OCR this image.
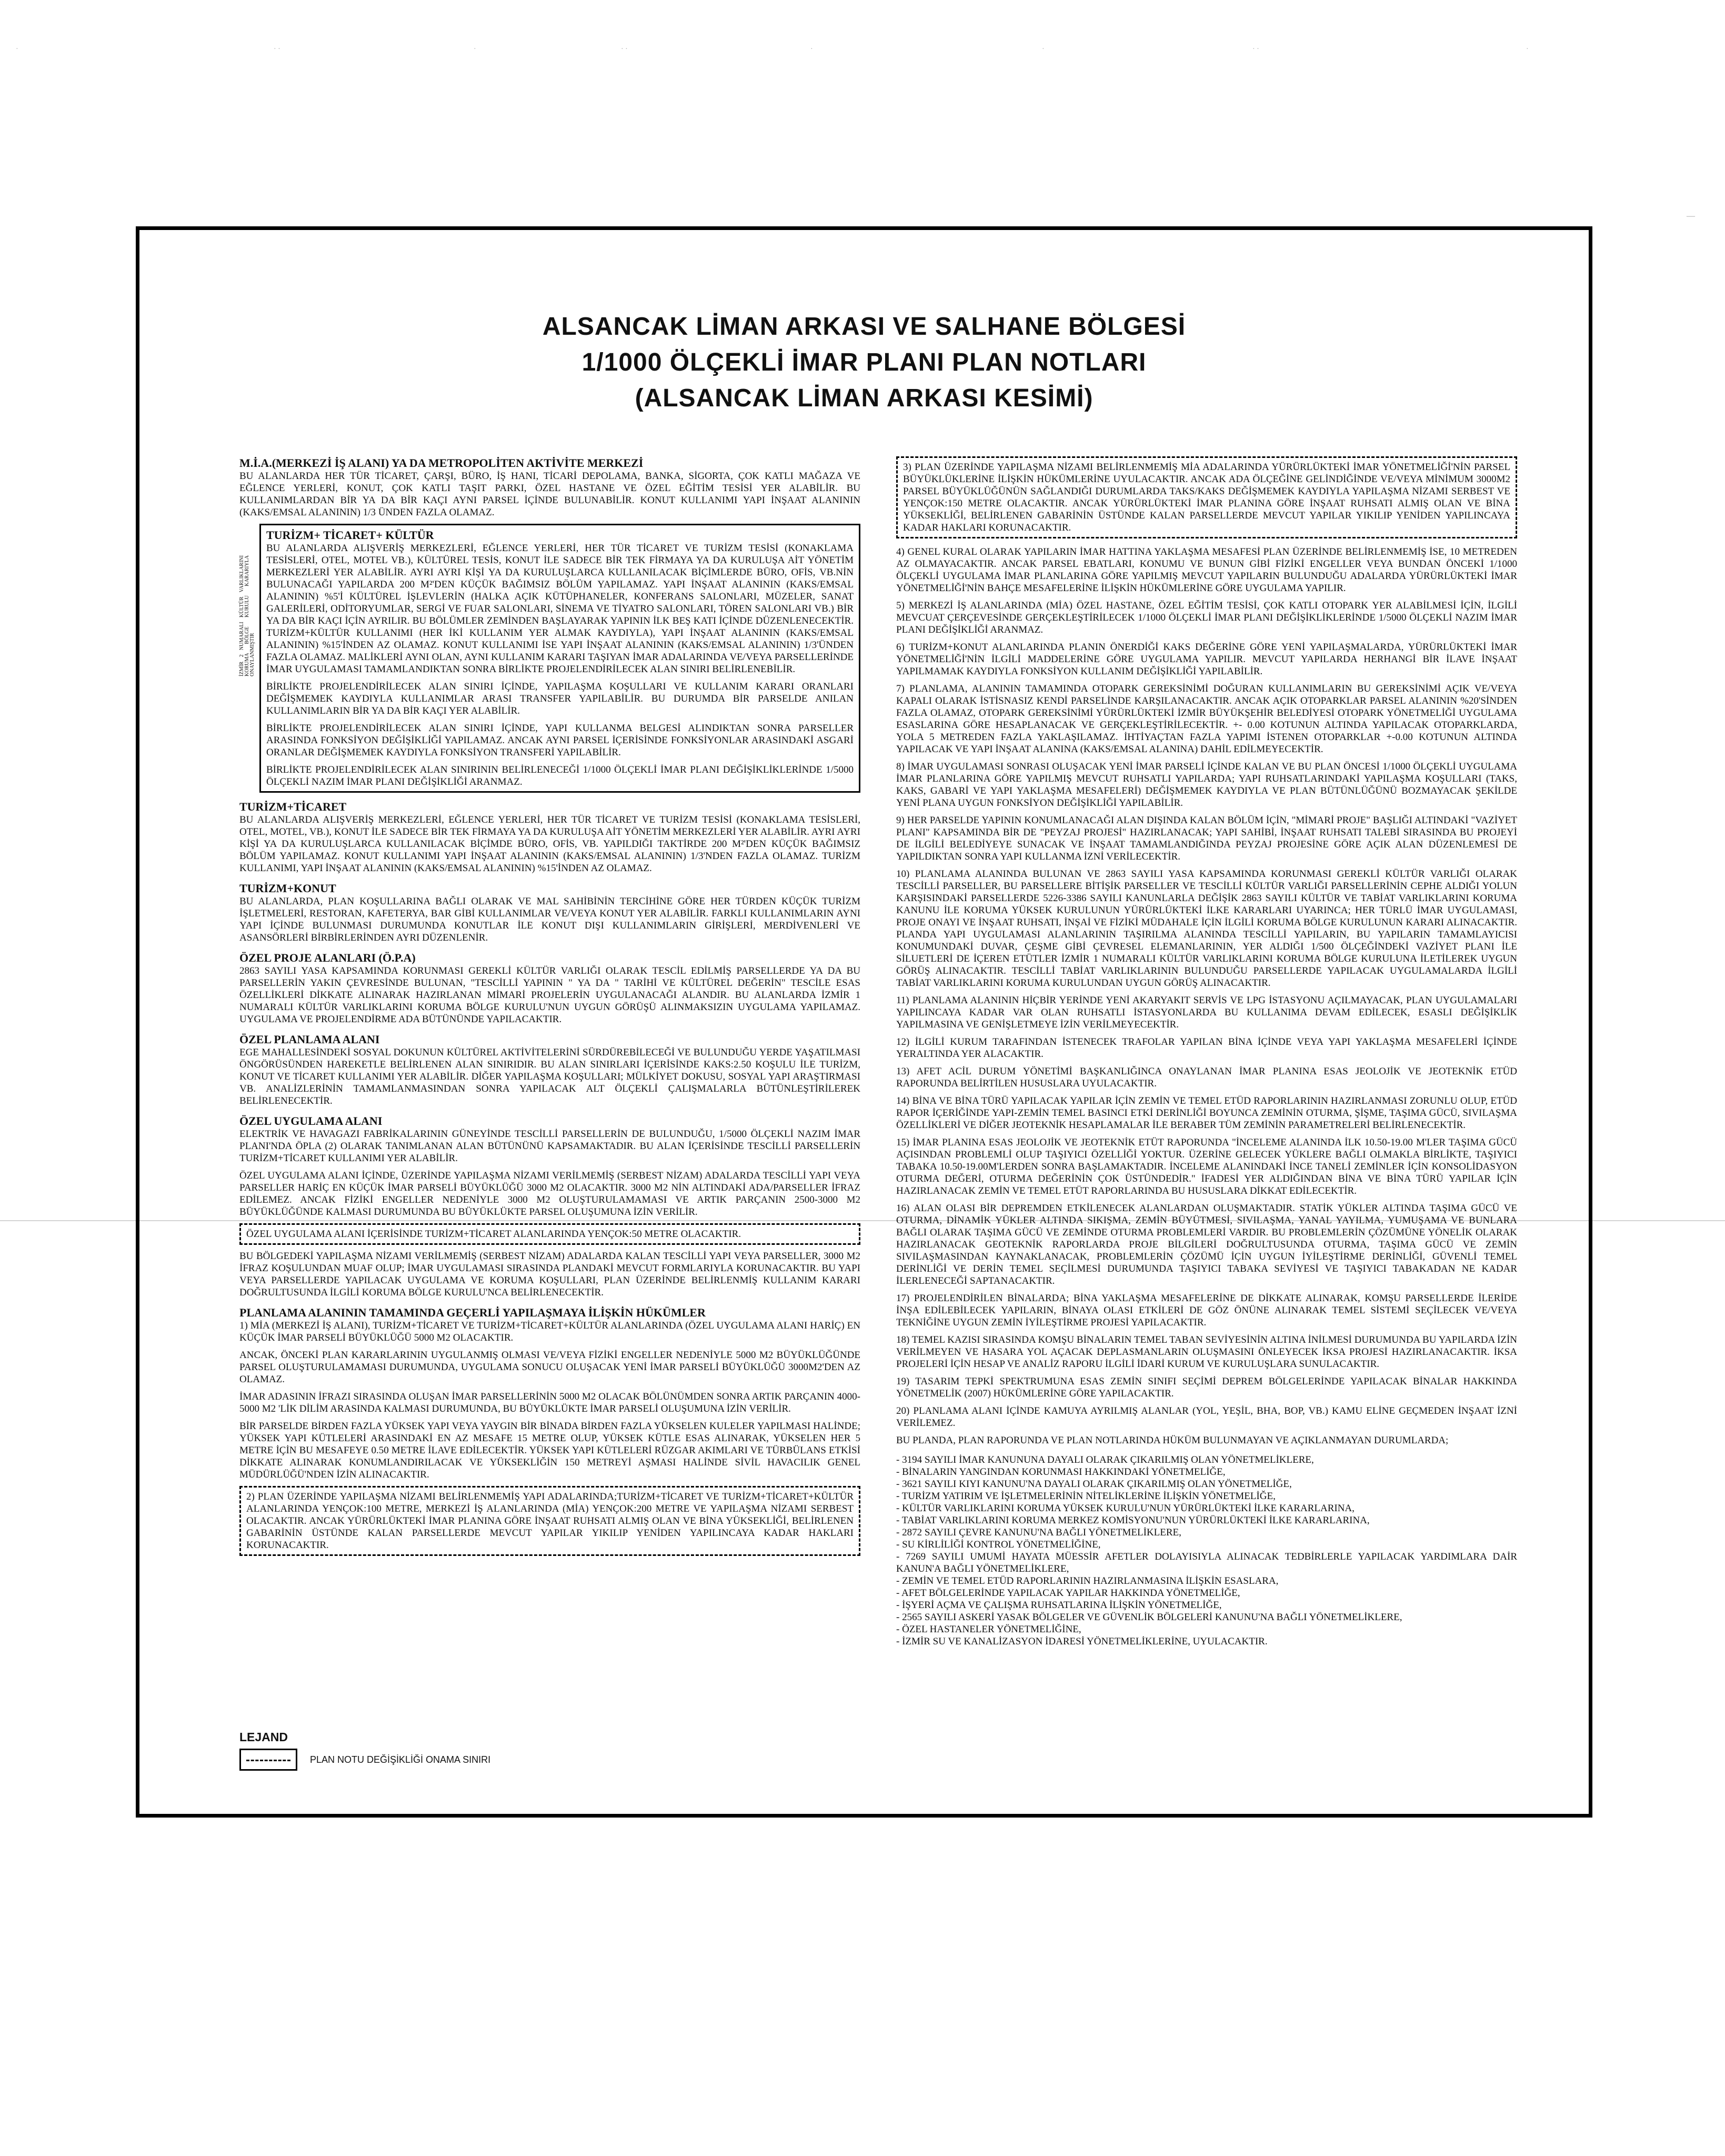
·	· ·	·	· ·	·	·	· ·	·
—
ALSANCAK LİMAN ARKASI VE SALHANE BÖLGESİ
1/1000 ÖLÇEKLİ İMAR PLANI PLAN NOTLARI
(ALSANCAK LİMAN ARKASI KESİMİ)
M.İ.A.(MERKEZİ İŞ ALANI) YA DA METROPOLİTEN AKTİVİTE MERKEZİ

BU ALANLARDA HER TÜR TİCARET, ÇARŞI, BÜRO, İŞ HANI, TİCARİ DEPOLAMA, BANKA, SİGORTA, ÇOK KATLI MAĞAZA VE EĞLENCE YERLERİ, KONUT, ÇOK KATLI TAŞIT PARKI, ÖZEL HASTANE VE ÖZEL EĞİTİM TESİSİ YER ALABİLİR. BU KULLANIMLARDAN BİR YA DA BİR KAÇI AYNI PARSEL İÇİNDE BULUNABİLİR. KONUT KULLANIMI YAPI İNŞAAT ALANININ (KAKS/EMSAL ALANININ) 1/3 ÜNDEN FAZLA OLAMAZ.

İZMİR 2 NUMARALI KÜLTÜR VARLIKLARINI KORUMA BÖLGE KURULU KARARIYLA ONAYLANMIŞTIR
TURİZM+ TİCARET+ KÜLTÜR

BU ALANLARDA ALIŞVERİŞ MERKEZLERİ, EĞLENCE YERLERİ, HER TÜR TİCARET VE TURİZM TESİSİ (KONAKLAMA TESİSLERİ, OTEL, MOTEL VB.), KÜLTÜREL TESİS, KONUT İLE SADECE BİR TEK FİRMAYA YA DA KURULUŞA AİT YÖNETİM MERKEZLERİ YER ALABİLİR. AYRI AYRI KİŞİ YA DA KURULUŞLARCA KULLANILACAK BİÇİMLERDE BÜRO, OFİS, VB.NİN BULUNACAĞI YAPILARDA 200 M²'DEN KÜÇÜK BAĞIMSIZ BÖLÜM YAPILAMAZ. YAPI İNŞAAT ALANININ (KAKS/EMSAL ALANININ) %5'İ KÜLTÜREL İŞLEVLERİN (HALKA AÇIK KÜTÜPHANELER, KONFERANS SALONLARI, MÜZELER, SANAT GALERİLERİ, ODİTORYUMLAR, SERGİ VE FUAR SALONLARI, SİNEMA VE TİYATRO SALONLARI, TÖREN SALONLARI VB.) BİR YA DA BİR KAÇI İÇİN AYRILIR. BU BÖLÜMLER ZEMİNDEN BAŞLAYARAK YAPININ İLK BEŞ KATI İÇİNDE DÜZENLENECEKTİR. TURİZM+KÜLTÜR KULLANIMI (HER İKİ KULLANIM YER ALMAK KAYDIYLA), YAPI İNŞAAT ALANININ (KAKS/EMSAL ALANININ) %15'İNDEN AZ OLAMAZ. KONUT KULLANIMI İSE YAPI İNŞAAT ALANININ (KAKS/EMSAL ALANININ) 1/3'ÜNDEN FAZLA OLAMAZ. MALİKLERİ AYNI OLAN, AYNI KULLANIM KARARI TAŞIYAN İMAR ADALARINDA VE/VEYA PARSELLERİNDE İMAR UYGULAMASI TAMAMLANDIKTAN SONRA BİRLİKTE PROJELENDİRİLECEK ALAN SINIRI BELİRLENEBİLİR.

BİRLİKTE PROJELENDİRİLECEK ALAN SINIRI İÇİNDE, YAPILAŞMA KOŞULLARI VE KULLANIM KARARI ORANLARI DEĞİŞMEMEK KAYDIYLA KULLANIMLAR ARASI TRANSFER YAPILABİLİR. BU DURUMDA BİR PARSELDE ANILAN KULLANIMLARIN BİR YA DA BİR KAÇI YER ALABİLİR.

BİRLİKTE PROJELENDİRİLECEK ALAN SINIRI İÇİNDE, YAPI KULLANMA BELGESİ ALINDIKTAN SONRA PARSELLER ARASINDA FONKSİYON DEĞİŞİKLİĞİ YAPILAMAZ. ANCAK AYNI PARSEL İÇERİSİNDE FONKSİYONLAR ARASINDAKİ ASGARİ ORANLAR DEĞİŞMEMEK KAYDIYLA FONKSİYON TRANSFERİ YAPILABİLİR.

BİRLİKTE PROJELENDİRİLECEK ALAN SINIRININ BELİRLENECEĞİ 1/1000 ÖLÇEKLİ İMAR PLANI DEĞİŞİKLİKLERİNDE 1/5000 ÖLÇEKLİ NAZIM İMAR PLANI DEĞİŞİKLİĞİ ARANMAZ.

TURİZM+TİCARET

BU ALANLARDA ALIŞVERİŞ MERKEZLERİ, EĞLENCE YERLERİ, HER TÜR TİCARET VE TURİZM TESİSİ (KONAKLAMA TESİSLERİ, OTEL, MOTEL, VB.), KONUT İLE SADECE BİR TEK FİRMAYA YA DA KURULUŞA AİT YÖNETİM MERKEZLERİ YER ALABİLİR. AYRI AYRI KİŞİ YA DA KURULUŞLARCA KULLANILACAK BİÇİMDE BÜRO, OFİS, VB. YAPILDIĞI TAKTİRDE 200 M²'DEN KÜÇÜK BAĞIMSIZ BÖLÜM YAPILAMAZ. KONUT KULLANIMI YAPI İNŞAAT ALANININ (KAKS/EMSAL ALANININ) 1/3'NDEN FAZLA OLAMAZ. TURİZM KULLANIMI, YAPI İNŞAAT ALANININ (KAKS/EMSAL ALANININ) %15'İNDEN AZ OLAMAZ.

TURİZM+KONUT

BU ALANLARDA, PLAN KOŞULLARINA BAĞLI OLARAK VE MAL SAHİBİNİN TERCİHİNE GÖRE HER TÜRDEN KÜÇÜK TURİZM İŞLETMELERİ, RESTORAN, KAFETERYA, BAR GİBİ KULLANIMLAR VE/VEYA KONUT YER ALABİLİR. FARKLI KULLANIMLARIN AYNI YAPI İÇİNDE BULUNMASI DURUMUNDA KONUTLAR İLE KONUT DIŞI KULLANIMLARIN GİRİŞLERİ, MERDİVENLERİ VE ASANSÖRLERİ BİRBİRLERİNDEN AYRI DÜZENLENİR.

ÖZEL PROJE ALANLARI (Ö.P.A)

2863 SAYILI YASA KAPSAMINDA KORUNMASI GEREKLİ KÜLTÜR VARLIĞI OLARAK TESCİL EDİLMİŞ PARSELLERDE YA DA BU PARSELLERİN YAKIN ÇEVRESİNDE BULUNAN, "TESCİLLİ YAPININ " YA DA " TARİHİ VE KÜLTÜREL DEĞERİN" TESCİLE ESAS ÖZELLİKLERİ DİKKATE ALINARAK HAZIRLANAN MİMARİ PROJELERİN UYGULANACAĞI ALANDIR. BU ALANLARDA İZMİR 1 NUMARALI KÜLTÜR VARLIKLARINI KORUMA BÖLGE KURULU'NUN UYGUN GÖRÜŞÜ ALINMAKSIZIN UYGULAMA YAPILAMAZ. UYGULAMA VE PROJELENDİRME ADA BÜTÜNÜNDE YAPILACAKTIR.

ÖZEL PLANLAMA ALANI

EGE MAHALLESİNDEKİ SOSYAL DOKUNUN KÜLTÜREL AKTİVİTELERİNİ SÜRDÜREBİLECEĞİ VE BULUNDUĞU YERDE YAŞATILMASI ÖNGÖRÜSÜNDEN HAREKETLE BELİRLENEN ALAN SINIRIDIR. BU ALAN SINIRLARI İÇERİSİNDE KAKS:2.50 KOŞULU İLE TURİZM, KONUT VE TİCARET KULLANIMI YER ALABİLİR. DİĞER YAPILAŞMA KOŞULLARI; MÜLKİYET DOKUSU, SOSYAL YAPI ARAŞTIRMASI VB. ANALİZLERİNİN TAMAMLANMASINDAN SONRA YAPILACAK ALT ÖLÇEKLİ ÇALIŞMALARLA BÜTÜNLEŞTİRİLEREK BELİRLENECEKTİR.

ÖZEL UYGULAMA ALANI

ELEKTRİK VE HAVAGAZI FABRİKALARININ GÜNEYİNDE TESCİLLİ PARSELLERİN DE BULUNDUĞU, 1/5000 ÖLÇEKLİ NAZIM İMAR PLANI'NDA ÖPLA (2) OLARAK TANIMLANAN ALAN BÜTÜNÜNÜ KAPSAMAKTADIR. BU ALAN İÇERİSİNDE TESCİLLİ PARSELLERİN TURİZM+TİCARET KULLANIMI YER ALABİLİR.

ÖZEL UYGULAMA ALANI İÇİNDE, ÜZERİNDE YAPILAŞMA NİZAMI VERİLMEMİŞ (SERBEST NİZAM) ADALARDA TESCİLLİ YAPI VEYA PARSELLER HARİÇ EN KÜÇÜK İMAR PARSELİ BÜYÜKLÜĞÜ 3000 M2 OLACAKTIR. 3000 M2 NİN ALTINDAKİ ADA/PARSELLER İFRAZ EDİLEMEZ. ANCAK FİZİKİ ENGELLER NEDENİYLE 3000 M2 OLUŞTURULAMAMASI VE ARTIK PARÇANIN 2500-3000 M2 BÜYÜKLÜĞÜNDE KALMASI DURUMUNDA BU BÜYÜKLÜKTE PARSEL OLUŞUMUNA İZİN VERİLİR.

ÖZEL UYGULAMA ALANI İÇERİSİNDE TURİZM+TİCARET ALANLARINDA YENÇOK:50 METRE OLACAKTIR.

BU BÖLGEDEKİ YAPILAŞMA NİZAMI VERİLMEMİŞ (SERBEST NİZAM) ADALARDA KALAN TESCİLLİ YAPI VEYA PARSELLER, 3000 M2 İFRAZ KOŞULUNDAN MUAF OLUP; İMAR UYGULAMASI SIRASINDA PLANDAKİ MEVCUT FORMLARIYLA KORUNACAKTIR. BU YAPI VEYA PARSELLERDE YAPILACAK UYGULAMA VE KORUMA KOŞULLARI, PLAN ÜZERİNDE BELİRLENMİŞ KULLANIM KARARI DOĞRULTUSUNDA İLGİLİ KORUMA BÖLGE KURULU'NCA BELİRLENECEKTİR.

PLANLAMA ALANININ TAMAMINDA GEÇERLİ YAPILAŞMAYA İLİŞKİN HÜKÜMLER

1) MİA (MERKEZİ İŞ ALANI), TURİZM+TİCARET VE TURİZM+TİCARET+KÜLTÜR ALANLARINDA (ÖZEL UYGULAMA ALANI HARİÇ) EN KÜÇÜK İMAR PARSELİ BÜYÜKLÜĞÜ 5000 M2 OLACAKTIR.

ANCAK, ÖNCEKİ PLAN KARARLARININ UYGULANMIŞ OLMASI VE/VEYA FİZİKİ ENGELLER NEDENİYLE 5000 M2 BÜYÜKLÜĞÜNDE PARSEL OLUŞTURULAMAMASI DURUMUNDA, UYGULAMA SONUCU OLUŞACAK YENİ İMAR PARSELİ BÜYÜKLÜĞÜ 3000M2'DEN AZ OLAMAZ.

İMAR ADASININ İFRAZI SIRASINDA OLUŞAN İMAR PARSELLERİNİN 5000 M2 OLACAK BÖLÜNÜMDEN SONRA ARTIK PARÇANIN 4000-5000 M2 'LİK DİLİM ARASINDA KALMASI DURUMUNDA, BU BÜYÜKLÜKTE İMAR PARSELİ OLUŞUMUNA İZİN VERİLİR.

BİR PARSELDE BİRDEN FAZLA YÜKSEK YAPI VEYA YAYGIN BİR BİNADA BİRDEN FAZLA YÜKSELEN KULELER YAPILMASI HALİNDE; YÜKSEK YAPI KÜTLELERİ ARASINDAKİ EN AZ MESAFE 15 METRE OLUP, YÜKSEK KÜTLE ESAS ALINARAK, YÜKSELEN HER 5 METRE İÇİN BU MESAFEYE 0.50 METRE İLAVE EDİLECEKTİR. YÜKSEK YAPI KÜTLELERİ RÜZGAR AKIMLARI VE TÜRBÜLANS ETKİSİ DİKKATE ALINARAK KONUMLANDIRILACAK VE YÜKSEKLİĞİN 150 METREYİ AŞMASI HALİNDE SİVİL HAVACILIK GENEL MÜDÜRLÜĞÜ'NDEN İZİN ALINACAKTIR.

2) PLAN ÜZERİNDE YAPILAŞMA NİZAMI BELİRLENMEMİŞ YAPI ADALARINDA;TURİZM+TİCARET VE TURİZM+TİCARET+KÜLTÜR ALANLARINDA YENÇOK:100 METRE, MERKEZİ İŞ ALANLARINDA (MİA) YENÇOK:200 METRE VE YAPILAŞMA NİZAMI SERBEST OLACAKTIR. ANCAK YÜRÜRLÜKTEKİ İMAR PLANINA GÖRE İNŞAAT RUHSATI ALMIŞ OLAN VE BİNA YÜKSEKLİĞİ, BELİRLENEN GABARİNİN ÜSTÜNDE KALAN PARSELLERDE MEVCUT YAPILAR YIKILIP YENİDEN YAPILINCAYA KADAR HAKLARI KORUNACAKTIR.
3) PLAN ÜZERİNDE YAPILAŞMA NİZAMI BELİRLENMEMİŞ MİA ADALARINDA YÜRÜRLÜKTEKİ İMAR YÖNETMELİĞİ'NİN PARSEL BÜYÜKLÜKLERİNE İLİŞKİN HÜKÜMLERİNE UYULACAKTIR. ANCAK ADA ÖLÇEĞİNE GELİNDİĞİNDE VE/VEYA MİNİMUM 3000M2 PARSEL BÜYÜKLÜĞÜNÜN SAĞLANDIĞI DURUMLARDA TAKS/KAKS DEĞİŞMEMEK KAYDIYLA YAPILAŞMA NİZAMI SERBEST VE YENÇOK:150 METRE OLACAKTIR. ANCAK YÜRÜRLÜKTEKİ İMAR PLANINA GÖRE İNŞAAT RUHSATI ALMIŞ OLAN VE BİNA YÜKSEKLİĞİ, BELİRLENEN GABARİNİN ÜSTÜNDE KALAN PARSELLERDE MEVCUT YAPILAR YIKILIP YENİDEN YAPILINCAYA KADAR HAKLARI KORUNACAKTIR.

4) GENEL KURAL OLARAK YAPILARIN İMAR HATTINA YAKLAŞMA MESAFESİ PLAN ÜZERİNDE BELİRLENMEMİŞ İSE, 10 METREDEN AZ OLMAYACAKTIR. ANCAK PARSEL EBATLARI, KONUMU VE BUNUN GİBİ FİZİKİ ENGELLER VEYA BUNDAN ÖNCEKİ 1/1000 ÖLÇEKLİ UYGULAMA İMAR PLANLARINA GÖRE YAPILMIŞ MEVCUT YAPILARIN BULUNDUĞU ADALARDA YÜRÜRLÜKTEKİ İMAR YÖNETMELİĞİ'NİN BAHÇE MESAFELERİNE İLİŞKİN HÜKÜMLERİNE GÖRE UYGULAMA YAPILIR.

5) MERKEZİ İŞ ALANLARINDA (MİA) ÖZEL HASTANE, ÖZEL EĞİTİM TESİSİ, ÇOK KATLI OTOPARK YER ALABİLMESİ İÇİN, İLGİLİ MEVCUAT ÇERÇEVESİNDE GERÇEKLEŞTİRİLECEK 1/1000 ÖLÇEKLİ İMAR PLANI DEĞİŞİKLİKLERİNDE 1/5000 ÖLÇEKLİ NAZIM İMAR PLANI DEĞİŞİKLİĞİ ARANMAZ.

6) TURİZM+KONUT ALANLARINDA PLANIN ÖNERDİĞİ KAKS DEĞERİNE GÖRE YENİ YAPILAŞMALARDA, YÜRÜRLÜKTEKİ İMAR YÖNETMELİĞİ'NİN İLGİLİ MADDELERİNE GÖRE UYGULAMA YAPILIR. MEVCUT YAPILARDA HERHANGİ BİR İLAVE İNŞAAT YAPILMAMAK KAYDIYLA FONKSİYON KULLANIM DEĞİŞİKLİĞİ YAPILABİLİR.

7) PLANLAMA, ALANININ TAMAMINDA OTOPARK GEREKSİNİMİ DOĞURAN KULLANIMLARIN BU GEREKSİNİMİ AÇIK VE/VEYA KAPALI OLARAK İSTİSNASIZ KENDİ PARSELİNDE KARŞILANACAKTIR. ANCAK AÇIK OTOPARKLAR PARSEL ALANININ %20'SİNDEN FAZLA OLAMAZ, OTOPARK GEREKSİNİMİ YÜRÜRLÜKTEKİ İZMİR BÜYÜKŞEHİR BELEDİYESİ OTOPARK YÖNETMELİĞİ UYGULAMA ESASLARINA GÖRE HESAPLANACAK VE GERÇEKLEŞTİRİLECEKTİR. +- 0.00 KOTUNUN ALTINDA YAPILACAK OTOPARKLARDA, YOLA 5 METREDEN FAZLA YAKLAŞILAMAZ. İHTİYAÇTAN FAZLA YAPIMI İSTENEN OTOPARKLAR +-0.00 KOTUNUN ALTINDA YAPILACAK VE YAPI İNŞAAT ALANINA (KAKS/EMSAL ALANINA) DAHİL EDİLMEYECEKTİR.

8) İMAR UYGULAMASI SONRASI OLUŞACAK YENİ İMAR PARSELİ İÇİNDE KALAN VE BU PLAN ÖNCESİ 1/1000 ÖLÇEKLİ UYGULAMA İMAR PLANLARINA GÖRE YAPILMIŞ MEVCUT RUHSATLI YAPILARDA; YAPI RUHSATLARINDAKİ YAPILAŞMA KOŞULLARI (TAKS, KAKS, GABARİ VE YAPI YAKLAŞMA MESAFELERİ) DEĞİŞMEMEK KAYDIYLA VE PLAN BÜTÜNLÜĞÜNÜ BOZMAYACAK ŞEKİLDE YENİ PLANA UYGUN FONKSİYON DEĞİŞİKLİĞİ YAPILABİLİR.

9) HER PARSELDE YAPININ KONUMLANACAĞI ALAN DIŞINDA KALAN BÖLÜM İÇİN, "MİMARİ PROJE" BAŞLIĞI ALTINDAKİ "VAZİYET PLANI" KAPSAMINDA BİR DE "PEYZAJ PROJESİ" HAZIRLANACAK; YAPI SAHİBİ, İNŞAAT RUHSATI TALEBİ SIRASINDA BU PROJEYİ DE İLGİLİ BELEDİYEYE SUNACAK VE İNŞAAT TAMAMLANDIĞINDA PEYZAJ PROJESİNE GÖRE AÇIK ALAN DÜZENLEMESİ DE YAPILDIKTAN SONRA YAPI KULLANMA İZNİ VERİLECEKTİR.

10) PLANLAMA ALANINDA BULUNAN VE 2863 SAYILI YASA KAPSAMINDA KORUNMASI GEREKLİ KÜLTÜR VARLIĞI OLARAK TESCİLLİ PARSELLER, BU PARSELLERE BİTİŞİK PARSELLER VE TESCİLLİ KÜLTÜR VARLIĞI PARSELLERİNİN CEPHE ALDIĞI YOLUN KARŞISINDAKİ PARSELLERDE 5226-3386 SAYILI KANUNLARLA DEĞİŞİK 2863 SAYILI KÜLTÜR VE TABİAT VARLIKLARINI KORUMA KANUNU İLE KORUMA YÜKSEK KURULUNUN YÜRÜRLÜKTEKİ İLKE KARARLARI UYARINCA; HER TÜRLÜ İMAR UYGULAMASI, PROJE ONAYI VE İNŞAAT RUHSATI, İNŞAİ VE FİZİKİ MÜDAHALE İÇİN İLGİLİ KORUMA BÖLGE KURULUNUN KARARI ALINACAKTIR. PLANDA YAPI UYGULAMASI ALANLARININ TAŞIRILMA ALANINDA TESCİLLİ YAPILARIN, BU YAPILARIN TAMAMLAYICISI KONUMUNDAKİ DUVAR, ÇEŞME GİBİ ÇEVRESEL ELEMANLARININ, YER ALDIĞI 1/500 ÖLÇEĞİNDEKİ VAZİYET PLANI İLE SİLUETLERİ DE İÇEREN ETÜTLER İZMİR 1 NUMARALI KÜLTÜR VARLIKLARINI KORUMA BÖLGE KURULUNA İLETİLEREK UYGUN GÖRÜŞ ALINACAKTIR. TESCİLLİ TABİAT VARLIKLARININ BULUNDUĞU PARSELLERDE YAPILACAK UYGULAMALARDA İLGİLİ TABİAT VARLIKLARINI KORUMA KURULUNDAN UYGUN GÖRÜŞ ALINACAKTIR.

11) PLANLAMA ALANININ HİÇBİR YERİNDE YENİ AKARYAKIT SERVİS VE LPG İSTASYONU AÇILMAYACAK, PLAN UYGULAMALARI YAPILINCAYA KADAR VAR OLAN RUHSATLI İSTASYONLARDA BU KULLANIMA DEVAM EDİLECEK, ESASLI DEĞİŞİKLİK YAPILMASINA VE GENİŞLETMEYE İZİN VERİLMEYECEKTİR.

12) İLGİLİ KURUM TARAFINDAN İSTENECEK TRAFOLAR YAPILAN BİNA İÇİNDE VEYA YAPI YAKLAŞMA MESAFELERİ İÇİNDE YERALTINDA YER ALACAKTIR.

13) AFET ACİL DURUM YÖNETİMİ BAŞKANLIĞINCA ONAYLANAN İMAR PLANINA ESAS JEOLOJİK VE JEOTEKNİK ETÜD RAPORUNDA BELİRTİLEN HUSUSLARA UYULACAKTIR.

14) BİNA VE BİNA TÜRÜ YAPILACAK YAPILAR İÇİN ZEMİN VE TEMEL ETÜD RAPORLARININ HAZIRLANMASI ZORUNLU OLUP, ETÜD RAPOR İÇERİĞİNDE YAPI-ZEMİN TEMEL BASINCI ETKİ DERİNLİĞİ BOYUNCA ZEMİNİN OTURMA, ŞİŞME, TAŞIMA GÜCÜ, SIVILAŞMA ÖZELLİKLERİ VE DİĞER JEOTEKNİK HESAPLAMALAR İLE BERABER TÜM ZEMİNİN PARAMETRELERİ BELİRLENECEKTİR.

15) İMAR PLANINA ESAS JEOLOJİK VE JEOTEKNİK ETÜT RAPORUNDA "İNCELEME ALANINDA İLK 10.50-19.00 M'LER TAŞIMA GÜCÜ AÇISINDAN PROBLEMLİ OLUP TAŞIYICI ÖZELLİĞİ YOKTUR. ÜZERİNE GELECEK YÜKLERE BAĞLI OLMAKLA BİRLİKTE, TAŞIYICI TABAKA 10.50-19.00M'LERDEN SONRA BAŞLAMAKTADIR. İNCELEME ALANINDAKİ İNCE TANELİ ZEMİNLER İÇİN KONSOLİDASYON OTURMA DEĞERİ, OTURMA DEĞERİNİN ÇOK ÜSTÜNDEDİR." İFADESİ YER ALDIĞINDAN BİNA VE BİNA TÜRÜ YAPILAR İÇİN HAZIRLANACAK ZEMİN VE TEMEL ETÜT RAPORLARINDA BU HUSUSLARA DİKKAT EDİLECEKTİR.

16) ALAN OLASI BİR DEPREMDEN ETKİLENECEK ALANLARDAN OLUŞMAKTADIR. STATİK YÜKLER ALTINDA TAŞIMA GÜCÜ VE OTURMA, DİNAMİK YÜKLER ALTINDA SIKIŞMA, ZEMİN BÜYÜTMESİ, SIVILAŞMA, YANAL YAYILMA, YUMUŞAMA VE BUNLARA BAĞLI OLARAK TAŞIMA GÜCÜ VE ZEMİNDE OTURMA PROBLEMLERİ VARDIR. BU PROBLEMLERİN ÇÖZÜMÜNE YÖNELİK OLARAK HAZIRLANACAK GEOTEKNİK RAPORLARDA PROJE BİLGİLERİ DOĞRULTUSUNDA OTURMA, TAŞIMA GÜCÜ VE ZEMİN SIVILAŞMASINDAN KAYNAKLANACAK, PROBLEMLERİN ÇÖZÜMÜ İÇİN UYGUN İYİLEŞTİRME DERİNLİĞİ, GÜVENLİ TEMEL DERİNLİĞİ VE DERİN TEMEL SEÇİLMESİ DURUMUNDA TAŞIYICI TABAKA SEVİYESİ VE TAŞIYICI TABAKADAN NE KADAR İLERLENECEĞİ SAPTANACAKTIR.

17) PROJELENDİRİLEN BİNALARDA; BİNA YAKLAŞMA MESAFELERİNE DE DİKKATE ALINARAK, KOMŞU PARSELLERDE İLERİDE İNŞA EDİLEBİLECEK YAPILARIN, BİNAYA OLASI ETKİLERİ DE GÖZ ÖNÜNE ALINARAK TEMEL SİSTEMİ SEÇİLECEK VE/VEYA TEKNİĞİNE UYGUN ZEMİN İYİLEŞTİRME PROJESİ YAPILACAKTIR.

18) TEMEL KAZISI SIRASINDA KOMŞU BİNALARIN TEMEL TABAN SEVİYESİNİN ALTINA İNİLMESİ DURUMUNDA BU YAPILARDA İZİN VERİLMEYEN VE HASARA YOL AÇACAK DEPLASMANLARIN OLUŞMASINI ÖNLEYECEK İKSA PROJESİ HAZIRLANACAKTIR. İKSA PROJELERİ İÇİN HESAP VE ANALİZ RAPORU İLGİLİ İDARİ KURUM VE KURULUŞLARA SUNULACAKTIR.

19) TASARIM TEPKİ SPEKTRUMUNA ESAS ZEMİN SINIFI SEÇİMİ DEPREM BÖLGELERİNDE YAPILACAK BİNALAR HAKKINDA YÖNETMELİK (2007) HÜKÜMLERİNE GÖRE YAPILACAKTIR.

20) PLANLAMA ALANI İÇİNDE KAMUYA AYRILMIŞ ALANLAR (YOL, YEŞİL, BHA, BOP, VB.) KAMU ELİNE GEÇMEDEN İNŞAAT İZNİ VERİLEMEZ.

BU PLANDA, PLAN RAPORUNDA VE PLAN NOTLARINDA HÜKÜM BULUNMAYAN VE AÇIKLANMAYAN DURUMLARDA;

- 3194 SAYILI İMAR KANUNUNA DAYALI OLARAK ÇIKARILMIŞ OLAN YÖNETMELİKLERE,

- BİNALARIN YANGINDAN KORUNMASI HAKKINDAKİ YÖNETMELİĞE,

- 3621 SAYILI KIYI KANUNU'NA DAYALI OLARAK ÇIKARILMIŞ OLAN YÖNETMELİĞE,

- TURİZM YATIRIM VE İŞLETMELERİNİN NİTELİKLERİNE İLİŞKİN YÖNETMELİĞE,

- KÜLTÜR VARLIKLARINI KORUMA YÜKSEK KURULU'NUN YÜRÜRLÜKTEKİ İLKE KARARLARINA,

- TABİAT VARLIKLARINI KORUMA MERKEZ KOMİSYONU'NUN YÜRÜRLÜKTEKİ İLKE KARARLARINA,

- 2872 SAYILI ÇEVRE KANUNU'NA BAĞLI YÖNETMELİKLERE,

- SU KİRLİLİĞİ KONTROL YÖNETMELİĞİNE,

- 7269 SAYILI UMUMİ HAYATA MÜESSİR AFETLER DOLAYISIYLA ALINACAK TEDBİRLERLE YAPILACAK YARDIMLARA DAİR KANUN'A BAĞLI YÖNETMELİKLERE,

- ZEMİN VE TEMEL ETÜD RAPORLARININ HAZIRLANMASINA İLİŞKİN ESASLARA,

- AFET BÖLGELERİNDE YAPILACAK YAPILAR HAKKINDA YÖNETMELİĞE,

- İŞYERİ AÇMA VE ÇALIŞMA RUHSATLARINA İLİŞKİN YÖNETMELİĞE,

- 2565 SAYILI ASKERİ YASAK BÖLGELER VE GÜVENLİK BÖLGELERİ KANUNU'NA BAĞLI YÖNETMELİKLERE,

- ÖZEL HASTANELER YÖNETMELİĞİNE,

- İZMİR SU VE KANALİZASYON İDARESİ YÖNETMELİKLERİNE, UYULACAKTIR.

LEJAND
PLAN NOTU DEĞİŞİKLİĞİ ONAMA SINIRI
